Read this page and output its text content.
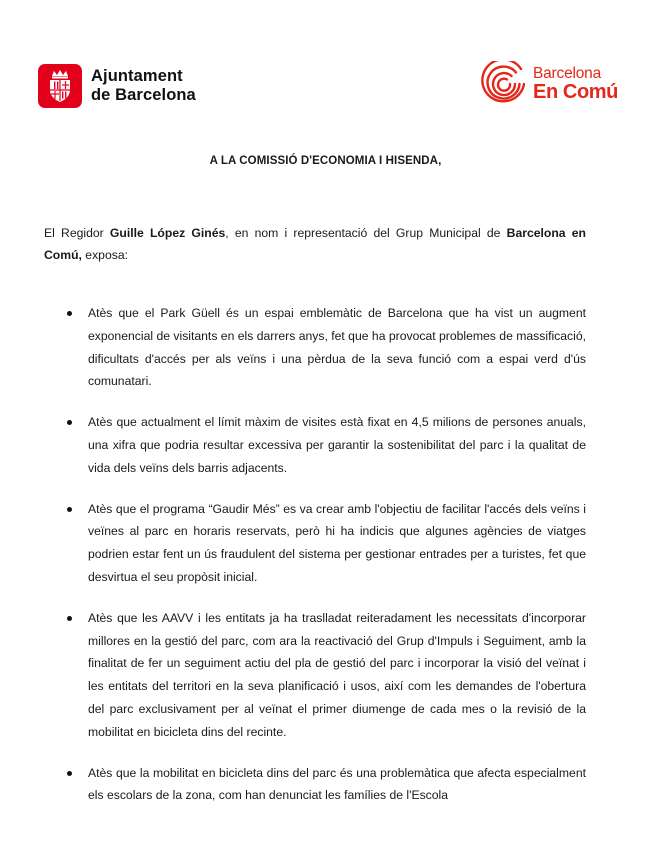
Ajuntament
de Barcelona
Barcelona
En Comú
A LA COMISSIÓ D'ECONOMIA I HISENDA,

El Regidor Guille López Ginés, en nom i representació del Grup Municipal de Barcelona en Comú, exposa:

Atès que el Park Güell és un espai emblemàtic de Barcelona que ha vist un augment exponencial de visitants en els darrers anys, fet que ha provocat problemes de massificació, dificultats d'accés per als veïns i una pèrdua de la seva funció com a espai verd d'ús comunatari.
Atès que actualment el límit màxim de visites està fixat en 4,5 milions de persones anuals, una xifra que podria resultar excessiva per garantir la sostenibilitat del parc i la qualitat de vida dels veïns dels barris adjacents.
Atès que el programa “Gaudir Més” es va crear amb l'objectiu de facilitar l'accés dels veïns i veïnes al parc en horaris reservats, però hi ha indicis que algunes agències de viatges podrien estar fent un ús fraudulent del sistema per gestionar entrades per a turistes, fet que desvirtua el seu propòsit inicial.
Atès que les AAVV i les entitats ja ha traslladat reiteradament les necessitats d'incorporar millores en la gestió del parc, com ara la reactivació del Grup d'Impuls i Seguiment, amb la finalitat de fer un seguiment actiu del pla de gestió del parc i incorporar la visió del veïnat i les entitats del territori en la seva planificació i usos, així com les demandes de l'obertura del parc exclusivament per al veïnat el primer diumenge de cada mes o la revisió de la mobilitat en bicicleta dins del recinte.
Atès que la mobilitat en bicicleta dins del parc és una problemàtica que afecta especialment els escolars de la zona, com han denunciat les famílies de l'Escola
